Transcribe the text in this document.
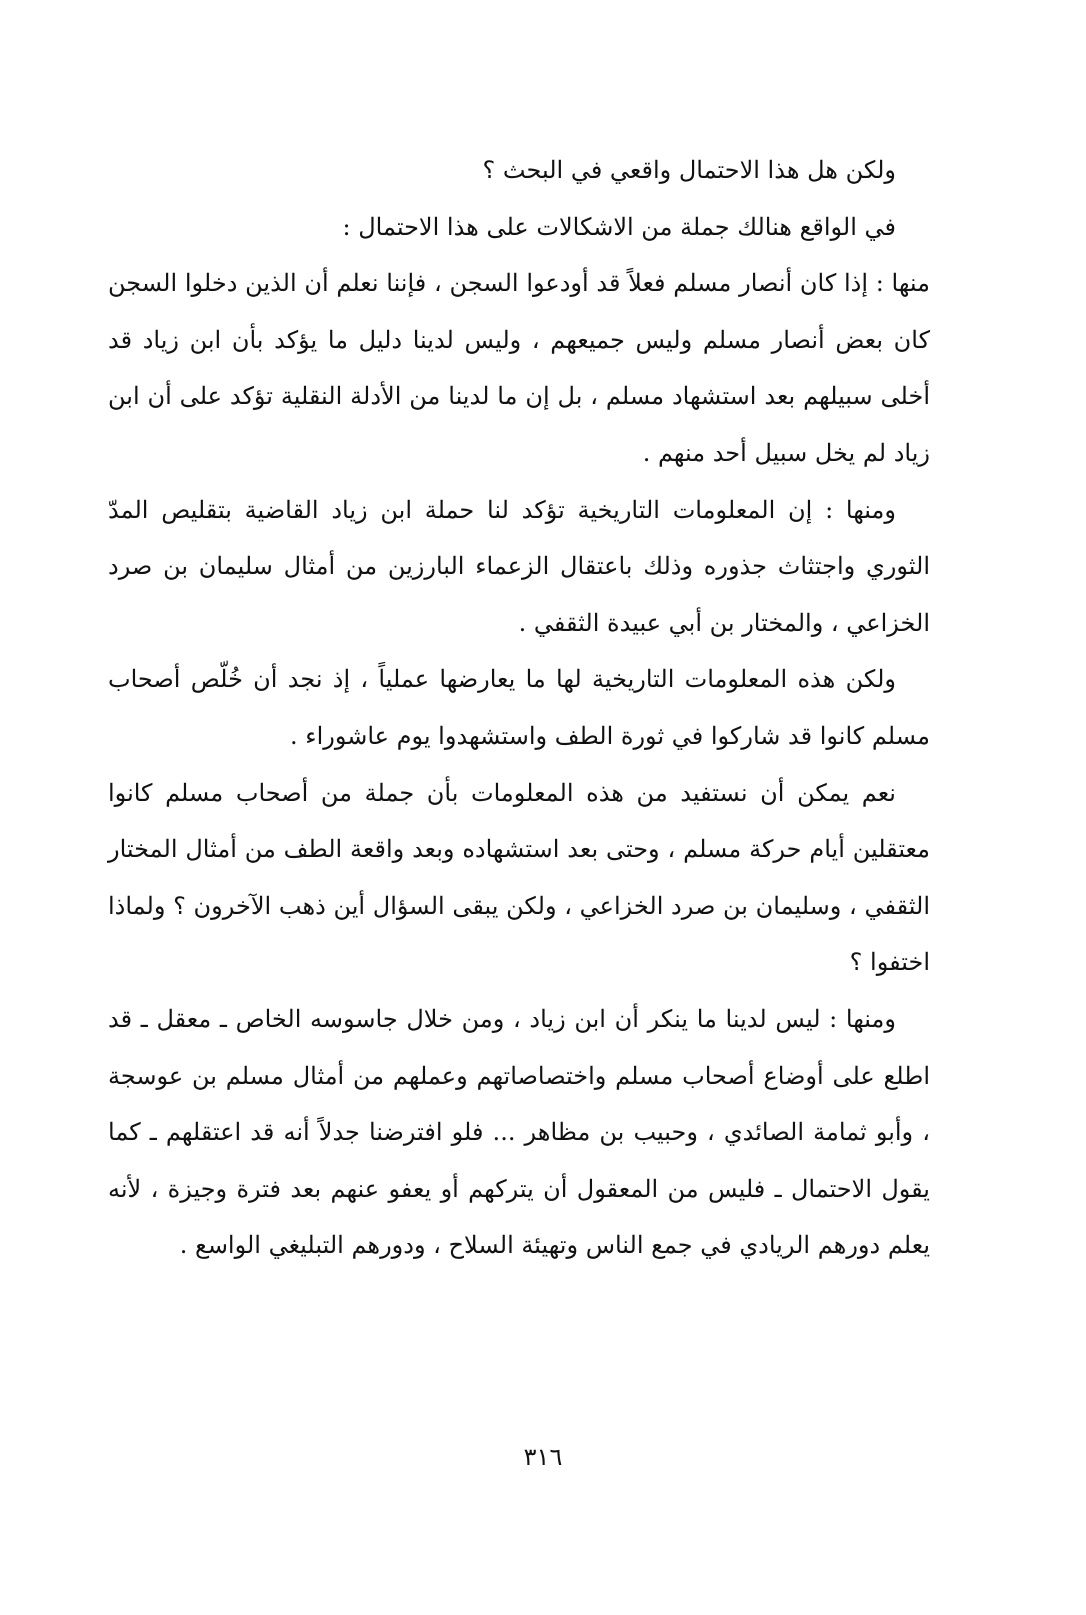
ولكن هل هذا الاحتمال واقعي في البحث ؟

في الواقع هنالك جملة من الاشكالات على هذا الاحتمال :

منها : إذا كان أنصار مسلم فعلاً قد أودعوا السجن ، فإننا نعلم أن الذين دخلوا السجن كان بعض أنصار مسلم وليس جميعهم ، وليس لدينا دليل ما يؤكد بأن ابن زياد قد أخلى سبيلهم بعد استشهاد مسلم ، بل إن ما لدينا من الأدلة النقلية تؤكد على أن ابن زياد لم يخل سبيل أحد منهم .

ومنها : إن المعلومات التاريخية تؤكد لنا حملة ابن زياد القاضية بتقليص المدّ الثوري واجتثاث جذوره وذلك باعتقال الزعماء البارزين من أمثال سليمان بن صرد الخزاعي ، والمختار بن أبي عبيدة الثقفي .

ولكن هذه المعلومات التاريخية لها ما يعارضها عملياً ، إذ نجد أن خُلّص أصحاب مسلم كانوا قد شاركوا في ثورة الطف واستشهدوا يوم عاشوراء .

نعم يمكن أن نستفيد من هذه المعلومات بأن جملة من أصحاب مسلم كانوا معتقلين أيام حركة مسلم ، وحتى بعد استشهاده وبعد واقعة الطف من أمثال المختار الثقفي ، وسليمان بن صرد الخزاعي ، ولكن يبقى السؤال أين ذهب الآخرون ؟ ولماذا اختفوا ؟

ومنها : ليس لدينا ما ينكر أن ابن زياد ، ومن خلال جاسوسه الخاص ـ معقل ـ قد اطلع على أوضاع أصحاب مسلم واختصاصاتهم وعملهم من أمثال مسلم بن عوسجة ، وأبو ثمامة الصائدي ، وحبيب بن مظاهر ... فلو افترضنا جدلاً أنه قد اعتقلهم ـ كما يقول الاحتمال ـ فليس من المعقول أن يتركهم أو يعفو عنهم بعد فترة وجيزة ، لأنه يعلم دورهم الريادي في جمع الناس وتهيئة السلاح ، ودورهم التبليغي الواسع .

٣١٦
